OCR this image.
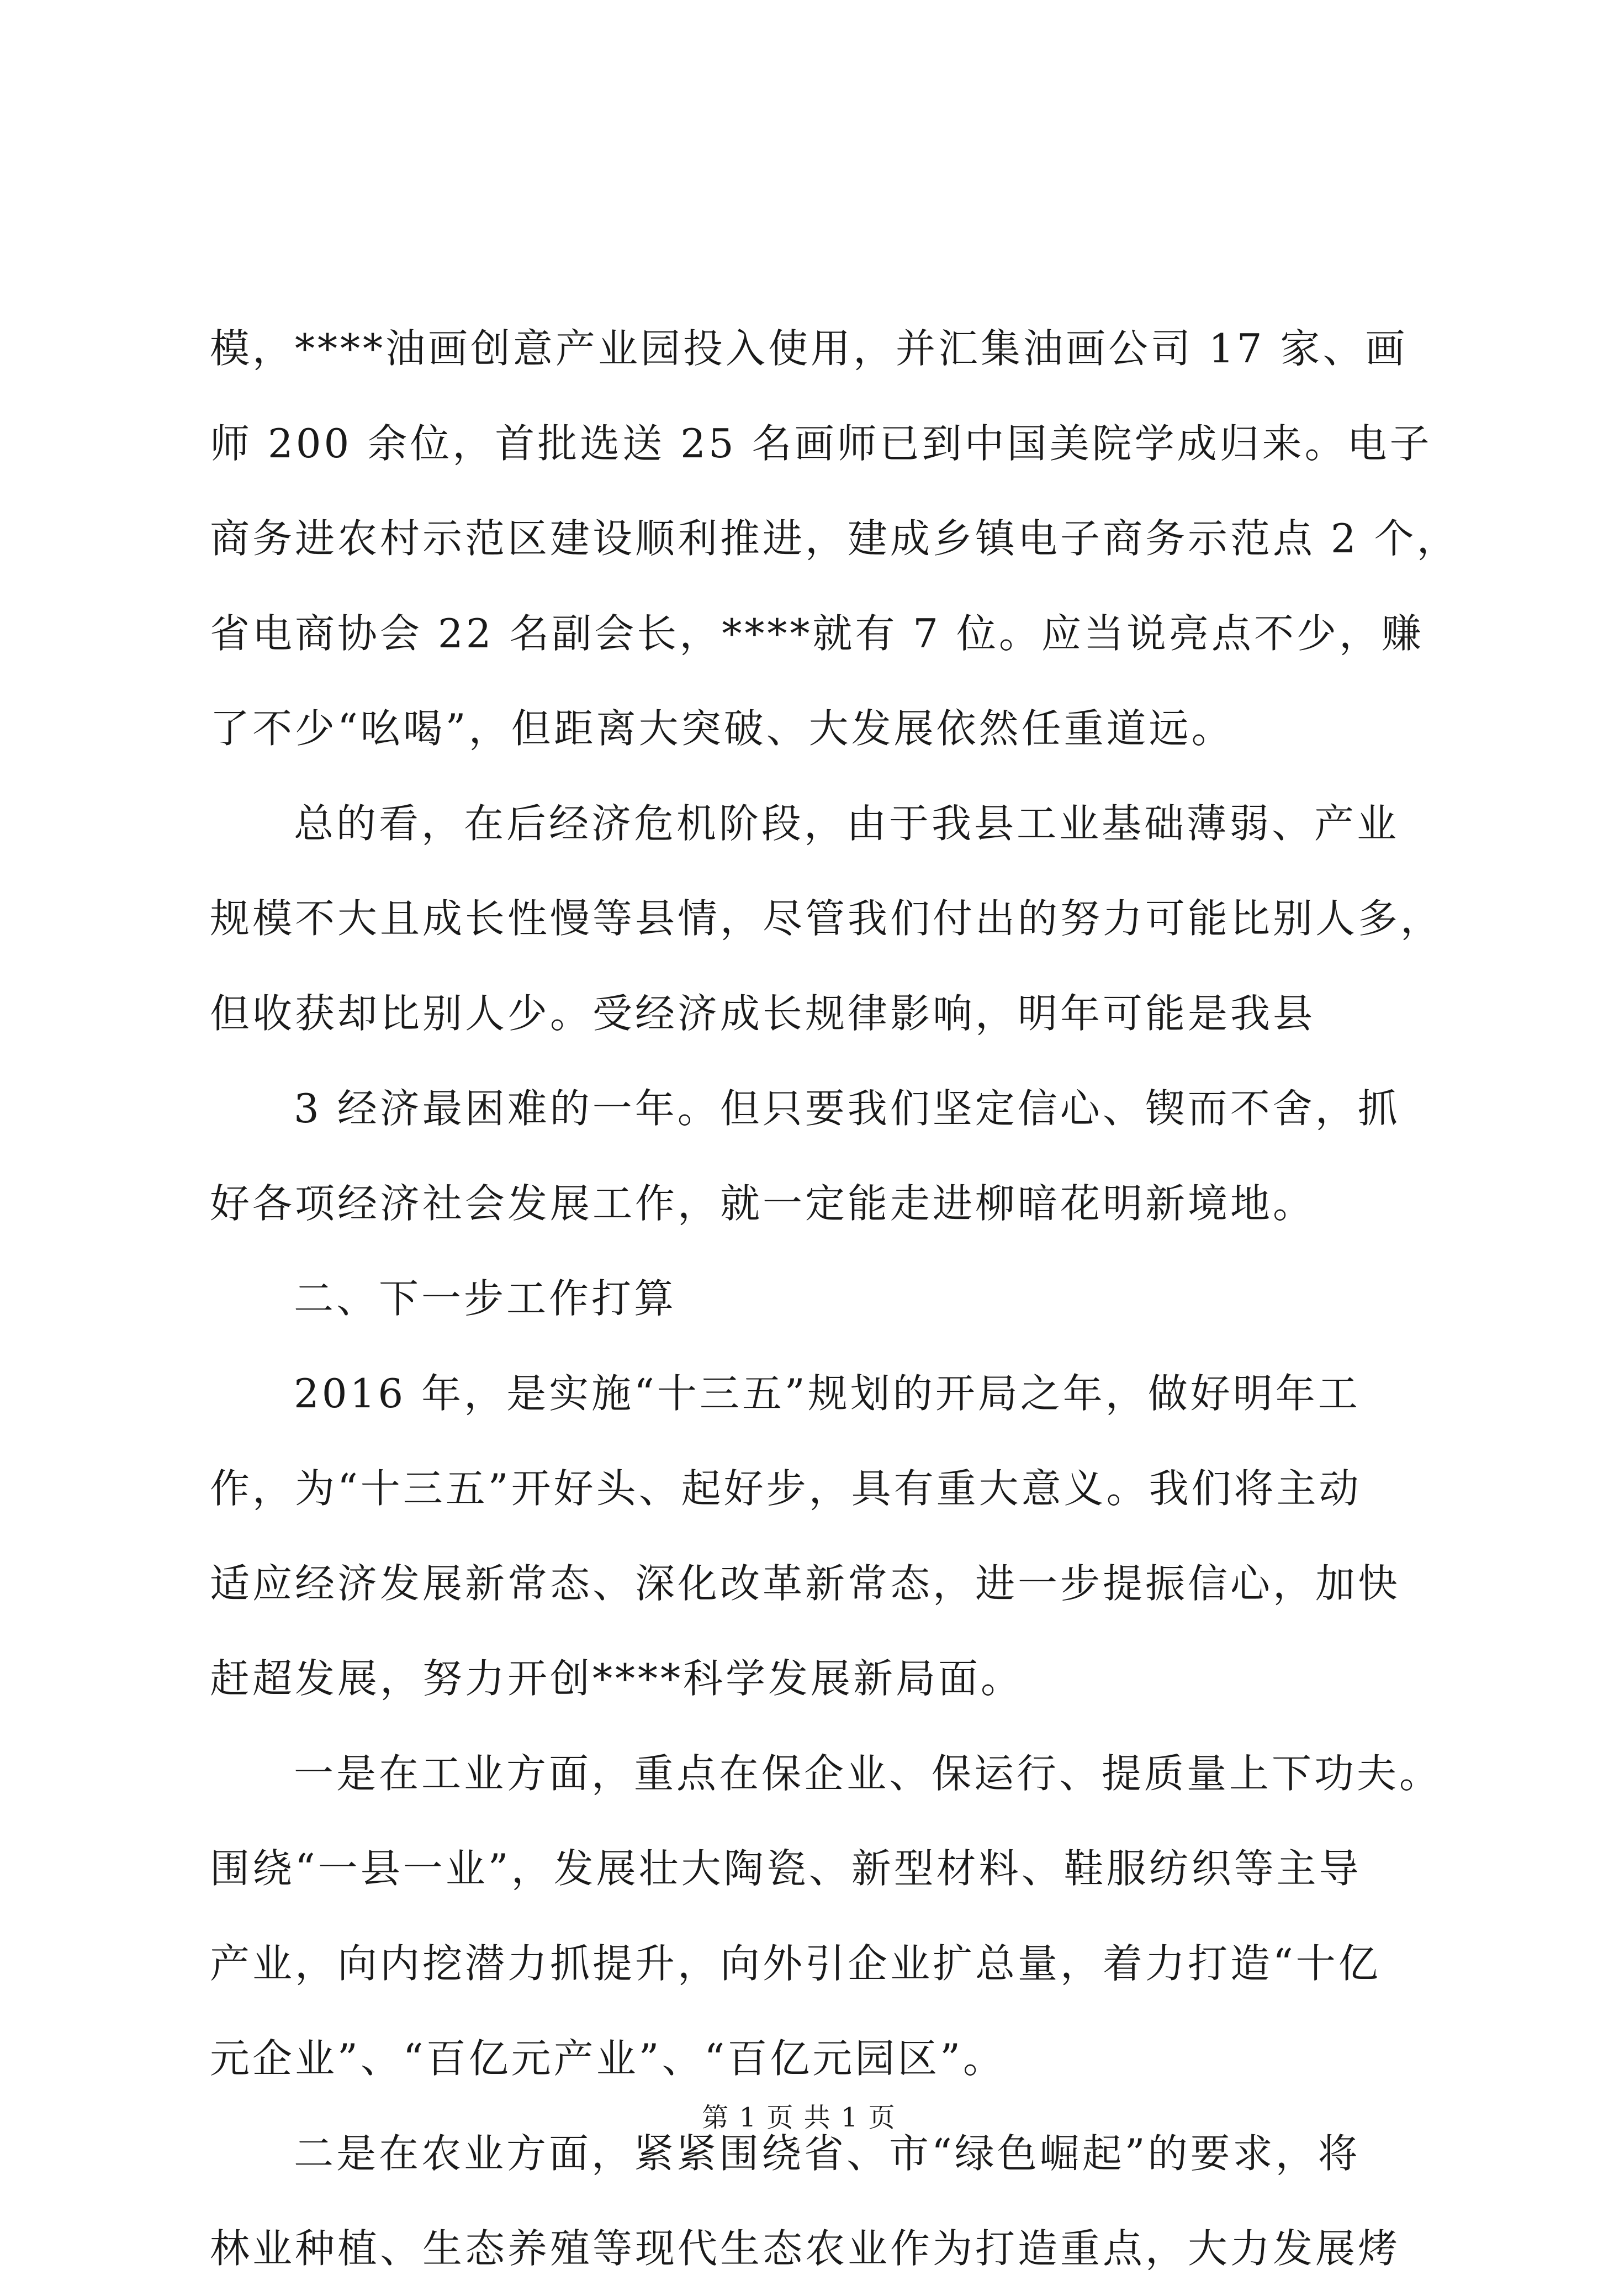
模，****油画创意产业园投入使用，并汇集油画公司 17 家、画
师 200 余位，首批选送 25 名画师已到中国美院学成归来。电子
商务进农村示范区建设顺利推进，建成乡镇电子商务示范点 2 个，
省电商协会 22 名副会长，****就有 7 位。应当说亮点不少，赚
了不少“吆喝”，但距离大突破、大发展依然任重道远。
总的看，在后经济危机阶段，由于我县工业基础薄弱、产业
规模不大且成长性慢等县情，尽管我们付出的努力可能比别人多，
但收获却比别人少。受经济成长规律影响，明年可能是我县
3 经济最困难的一年。但只要我们坚定信心、锲而不舍，抓
好各项经济社会发展工作，就一定能走进柳暗花明新境地。
二、下一步工作打算
2016 年，是实施“十三五”规划的开局之年，做好明年工
作，为“十三五”开好头、起好步，具有重大意义。我们将主动
适应经济发展新常态、深化改革新常态，进一步提振信心，加快
赶超发展，努力开创****科学发展新局面。
一是在工业方面，重点在保企业、保运行、提质量上下功夫。
围绕“一县一业”，发展壮大陶瓷、新型材料、鞋服纺织等主导
产业，向内挖潜力抓提升，向外引企业扩总量，着力打造“十亿
元企业”、“百亿元产业”、“百亿元园区”。
二是在农业方面，紧紧围绕省、市“绿色崛起”的要求，将
林业种植、生态养殖等现代生态农业作为打造重点，大力发展烤
第 1 页 共 1 页
